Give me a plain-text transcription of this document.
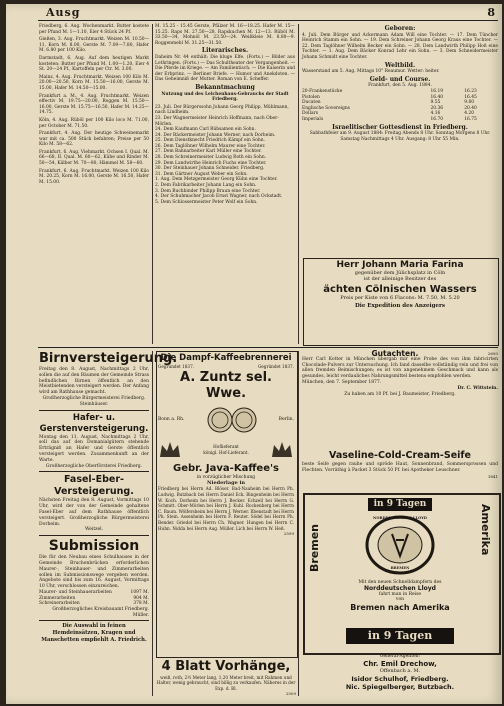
Ausg	8

Friedberg, 6. Aug. Wochenmarkt. Butter kostete per Pfund M. 1—1.10, Eier 4 Stück 24 Pf.

Gießen, 3. Aug. Fruchtmarkt. Weizen M. 10.50—11, Korn M. 8.00, Gerste M. 7.00—7.80, Hafer M. 6.80 per 100 Kilo.

Darmstadt, 6. Aug. Auf dem heutigen Markt kosteten: Butter per Pfund M. 1.00—1.20, Eier 4 St. 20—24 Pf., Kartoffeln per Ctr. M. 3.00.

Mainz, 4. Aug. Fruchtmarkt. Weizen 100 Kilo M. 20.00—20.50, Korn M. 15.50—16.00, Gerste M. 15.00, Hafer M. 14.50—15.00.

Frankfurt a. M., 4. Aug. Fruchtmarkt. Weizen effectiv M. 19.75—20.00, Roggen M. 15.50—16.00, Gerste M. 15.75—16.50, Hafer M. 14.25—14.75.

Köln, 4. Aug. Rüböl per 100 Kilo loco M. 71.00, per October M. 71.50.

Frankfurt, 4. Aug. Der heutige Schweinemarkt war mit ca. 500 Stück befahren; Preise per 50 Kilo M. 58—62.

Frankfurt, 6. Aug. Viehmarkt. Ochsen I. Qual. M. 66—68, II. Qual. M. 60—62, Kühe und Rinder M. 50—54, Kälber M. 70—80, Hämmel M. 58—60.

Frankfurt, 6. Aug. Fruchtmarkt. Weizen 100 Kilo M. 20.25, Korn M. 16.00, Gerste M. 16.50, Hafer M. 15.00.

M. 15.25 - 15.45 Gerste, Pfälzer M. 16—18.25. Hafer M. 15—15.25. Raps M. 27.50—28. Rapskuchen M. 12—13. Rüböl M. 33.50—34, Mohnöl M. 23.50—24. Weißkleie M. 8.80—9. Roggenmehl M. 31.25—31.50.

Literarisches.

Daheim Nr. 44 enthält: Die kluge Elfe. (Forts.) — Bilder aus Lothringen. (Forts.) — Das Schultheater der Vergangenheit. — Die Pferde im Kriege. — Am Familientisch. — Die Kaiserin und der Erbprinz. — Berliner Briefe. — Humor und Anekdoten. — Das Geheimniß der Mutter. Roman von E. Scheffer.

Bekanntmachung
Nutzung und des Leichenhaus-Gebrauchs der Stadt Friedberg.
23. Juli. Der Bürgerssohn Johann Georg Philipp, Mühlmann, nach Lindheim.
23. Der Wagnermeister Heinrich Hoffmann, nach Ober-Mörlen.
24. Dem Kaufmann Carl Rübsamen ein Sohn.
24. Der Bäckermeister Johann Werner, nach Dorheim.
25. Dem Dienstknecht Friedrich Kämpf ein Sohn.
26. Dem Taglöhner Wilhelm Maurer eine Tochter.
27. Dem Bahnarbeiter Karl Müller eine Tochter.
28. Dem Schreinermeister Ludwig Roth ein Sohn.
29. Dem Landwirthe Heinrich Fuchs eine Tochter.
30. Der Steinhauer Johann Schneider, Friedberg.
31. Dem Gärtner August Weber ein Sohn.
1. Aug. Dem Metzgermeister Georg Kühn eine Tochter.
2. Dem Fabrikarbeiter Johann Lang ein Sohn.
3. Dem Buchbinder Philipp Braun eine Tochter.
4. Der Schuhmacher Jacob Ernst Wagner, nach Ockstadt.
5. Dem Schlossermeister Peter Wolf ein Sohn.
Geboren:

4. Juli. Dem Bürger und Ackermann Adam Will eine Tochter. — 17. Dem Tüncher Heinrich Stamm ein Sohn. — 19. Dem Schreiner Johann Georg Kraus eine Tochter. — 22. Dem Taglöhner Wilhelm Becker ein Sohn. — 28. Dem Landwirth Philipp Hoß eine Tochter. — 1. Aug. Dem Bäcker Konrad Lehr ein Sohn. — 3. Dem Schneidermeister Johann Schmidt eine Tochter.

Weltbild.

Wasserstand am 5. Aug. Mittags 10° Reaumur. Wetter: heiter.

Geld- und Course.
Frankfurt, den 5. Aug. 1884.
20-Frankenstücke	16.19	16.23
Pistolen	16.40	16.45
Ducaten	9.55	9.60
Englische Sovereigns	20.36	20.40
Dollars	4.16	4.20
Imperials	16.70	16.75
Israelitischer Gottesdienst in Friedberg.

Sabbathfeier am 9. August 1884: Freitag Abends 8 Uhr. Sonntag Morgens 8 Uhr. Samstag Nachmittags 4 Uhr. Ausgang: 8 Uhr 55 Min.

Herr Johann Maria Farina
gegenüber dem Jülichsplatz in Cöln
ist der alleinige Besitzer des
ächten Cölnischen Wassers
Preis per Kiste von 6 Flacons: M. 7.50, M. 5.20
Die Expedition des Anzeigers
Birnversteigerung.

Freitag den 8. August, Nachmittags 2 Uhr, sollen die auf den Bäumen der Gemeinde Strass befindlichen Birnen öffentlich an den Meistbietenden versteigert werden. Der Anfang wird am Rathhause gemacht.

Großherzogliche Bürgermeisterei Friedberg. Steinhäuser.
Hafer- u. Gerstenversteigerung.

Montag den 11. August, Nachmittags 2 Uhr, soll das auf den Domanialgütern stehende Erträgniß an Hafer und Gerste öffentlich versteigert werden. Zusammenkunft an der Warte.

Großherzogliche Oberförsterei Friedberg.
Fasel-Eber-Versteigerung.

Nächsten Freitag den 8. August, Vormittags 10 Uhr, wird der von der Gemeinde gehaltene Fasel-Eber auf dem Rathhause öffentlich versteigert. Großherzogliche Bürgermeisterei Dorheim.

Weitzel.
Submission

Die für den Neubau eines Schulhauses in der Gemeinde Bruchenbrücken erforderlichen Maurer-, Steinhauer- und Zimmerarbeiten sollen im Submissionswege vergeben werden. Angebote sind bis zum 16. August, Vormittags 10 Uhr, verschlossen einzureichen.

Maurer- und Steinhauerarbeiten	1097 M.
Zimmerarbeiten	904 M.
Schreinerarbeiten	378 M.
Großherzogliches Kreisbauamt Friedberg. Müller.
Die Auswahl in feinen Hemdeinsätzen, Kragen und Manschetten empfiehlt A. Friedrich.
Die Dampf-Kaffeebrennerei
Gegründet 1837.	Gegründet 1837.
A. Zuntz sel. Wwe.
Bonn a. Rh.	Berlin.
Hoflieferant
königl. Hof-Lieferant.
Gebr. Java-Kaffee's
in vorzüglicher Mischung
Niederlage in

Friedberg bei Herrn Ad. Blöser. Bad-Nauheim bei Herrn Ph. Ludwig. Butzbach bei Herrn Daniel Eck. Bingenheim bei Herrn W. Koch. Dorheim bei Herrn J. Becker. Echzell bei Herrn G. Schmitt. Ober-Mörlen bei Herrn J. Kuhl. Rockenberg bei Herrn C. Baum. Wölfersheim bei Herrn J. Werner. Ilbenstadt bei Herrn Ph. Stein. Assenheim bei Herrn F. Reuter. Södel bei Herrn Ph. Bender. Griedel bei Herrn Ch. Wagner. Hungen bei Herrn C. Huhn. Nidda bei Herrn Aug. Müller. Lich bei Herrn W. Heß.

2599
4 Blatt Vorhänge,

weiß, roth, 2½ Meter lang, 1,20 Meter breit, mit Rahmen und Halter, wenig gebraucht, sind billig zu verkaufen. Näheres in der Exp. d. Bl.

2509
Gutachten.	2693

Herr Carl Kotter in München übergab mir eine Probe des von ihm fabricirten Chocolade-Pulvers zur Untersuchung. Ich fand dasselbe vollständig rein und frei von allen fremden Beimischungen; es ist von angenehmem Geschmack und kann als gesundes, leicht verdauliches Nahrungsmittel bestens empfohlen werden.

München, den 7. September 1877.
Dr. C. Wittstein.
Zu haben am 10 Pf. bei J. Baumeister, Friedberg.
Vaseline-Cold-Cream-Seife

beste Seife gegen rauhe und spröde Haut, Sonnenbrand, Sommersprossen und Flechten. Vorräthig à Packet 3 Stück 50 Pf. bei Apotheker Leuschner.

1841
in 9 Tagen
Bremen	Amerika
NORDDEUTSCHER LLOYD
BREMEN
Mit den neuen Schnelldampfern des
Norddeutschen Lloyd
fahrt man in Reise
von
Bremen nach Amerika
in 9 Tagen
General-Agenten:
Chr. Emil Drechow,
Offenbach a. M.
Isidor Schulhof, Friedberg.
Nic. Spiegelberger, Butzbach.
